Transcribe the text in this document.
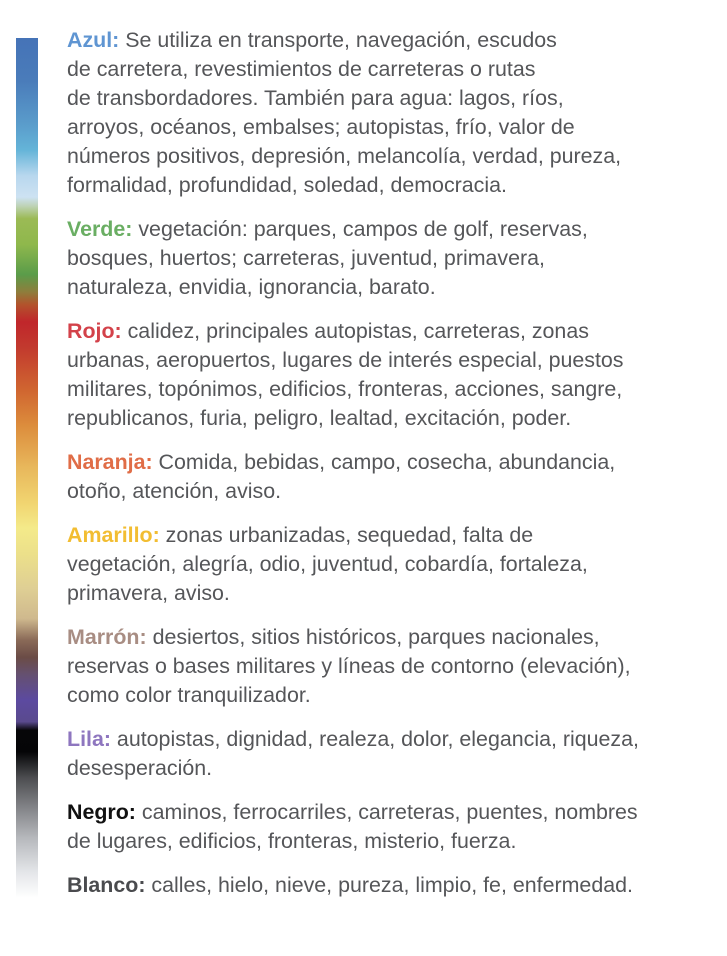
Azul: Se utiliza en transporte, navegación, escudos
de carretera, revestimientos de carreteras o rutas
de transbordadores. También para agua: lagos, ríos,
arroyos, océanos, embalses; autopistas, frío, valor de
números positivos, depresión, melancolía, verdad, pureza,
formalidad, profundidad, soledad, democracia.
Verde: vegetación: parques, campos de golf, reservas,
bosques, huertos; carreteras, juventud, primavera,
naturaleza, envidia, ignorancia, barato.
Rojo: calidez, principales autopistas, carreteras, zonas
urbanas, aeropuertos, lugares de interés especial, puestos
militares, topónimos, edificios, fronteras, acciones, sangre,
republicanos, furia, peligro, lealtad, excitación, poder.
Naranja: Comida, bebidas, campo, cosecha, abundancia,
otoño, atención, aviso.
Amarillo: zonas urbanizadas, sequedad, falta de
vegetación, alegría, odio, juventud, cobardía, fortaleza,
primavera, aviso.
Marrón: desiertos, sitios históricos, parques nacionales,
reservas o bases militares y líneas de contorno (elevación),
como color tranquilizador.
Lila: autopistas, dignidad, realeza, dolor, elegancia, riqueza,
desesperación.
Negro: caminos, ferrocarriles, carreteras, puentes, nombres
de lugares, edificios, fronteras, misterio, fuerza.
Blanco: calles, hielo, nieve, pureza, limpio, fe, enfermedad.
